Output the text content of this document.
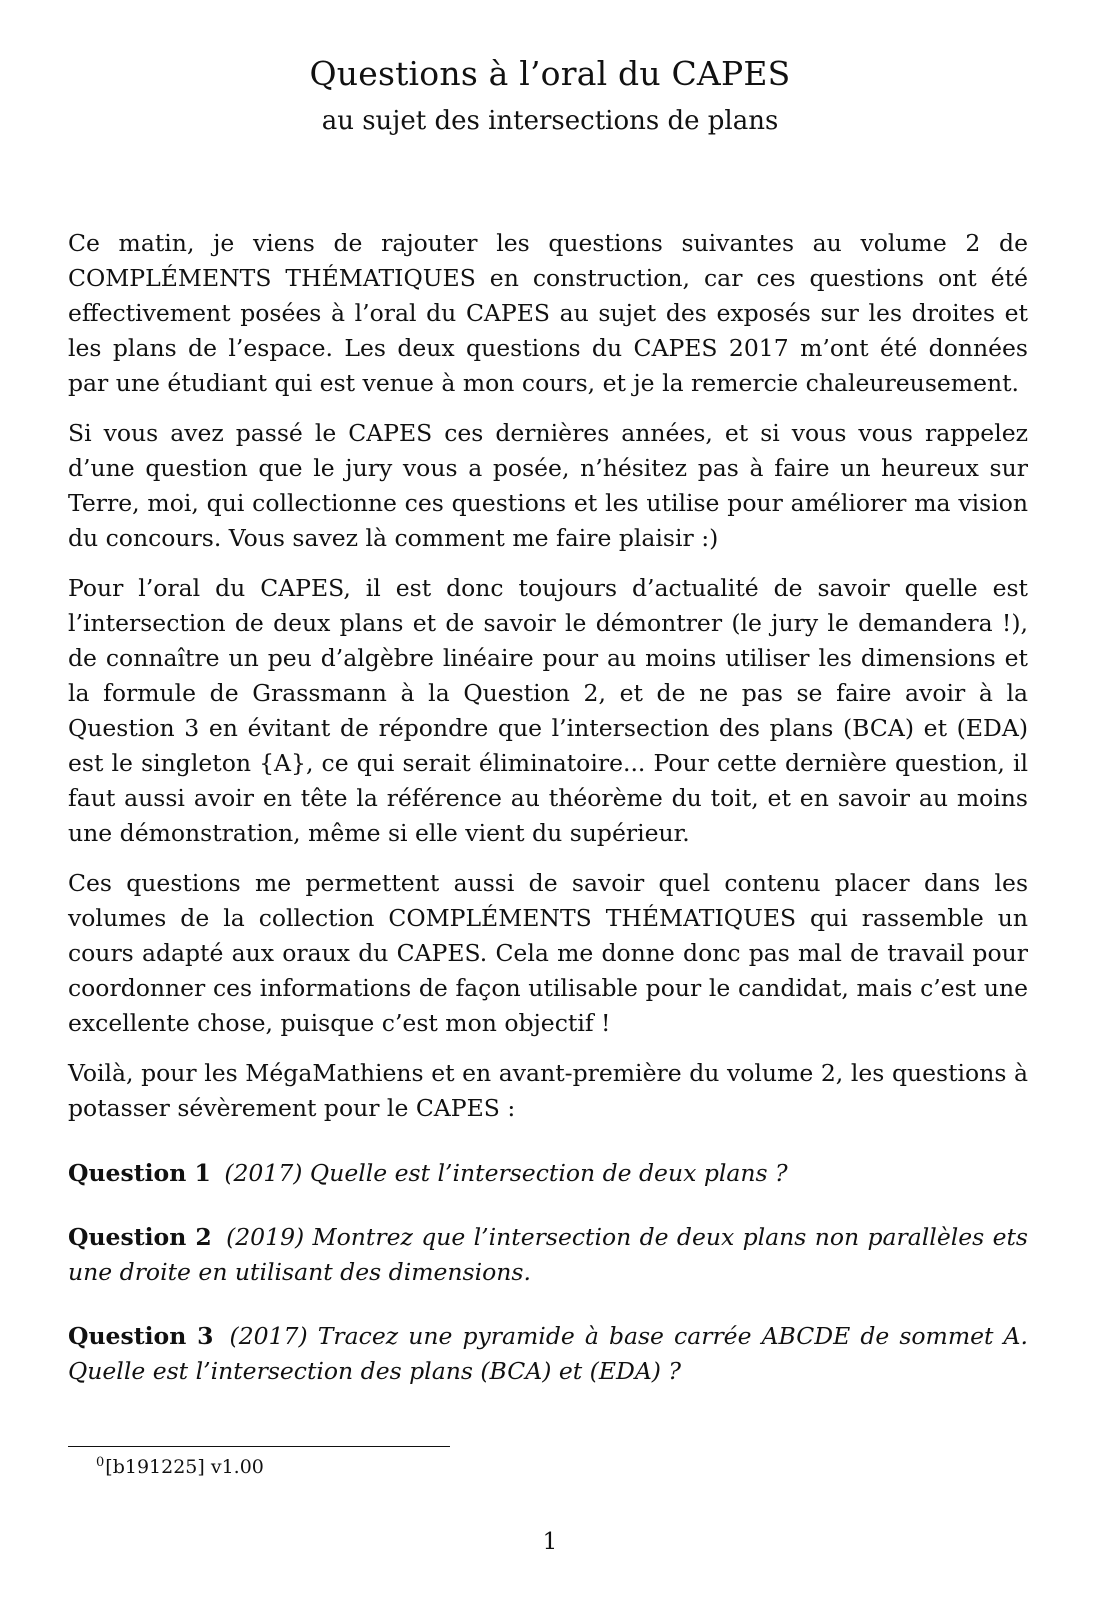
Questions à l’oral du CAPES
au sujet des intersections de plans

Ce matin, je viens de rajouter les questions suivantes au volume 2 de COMPLÉMENTS THÉMATIQUES en construction, car ces questions ont été effectivement posées à l’oral du CAPES au sujet des exposés sur les droites et les plans de l’espace. Les deux questions du CAPES 2017 m’ont été données par une étudiant qui est venue à mon cours, et je la remercie chaleureusement.

Si vous avez passé le CAPES ces dernières années, et si vous vous rappelez d’une question que le jury vous a posée, n’hésitez pas à faire un heureux sur Terre, moi, qui collectionne ces questions et les utilise pour améliorer ma vision du concours. Vous savez là comment me faire plaisir :)

Pour l’oral du CAPES, il est donc toujours d’actualité de savoir quelle est l’intersection de deux plans et de savoir le démontrer (le jury le demandera !), de connaître un peu d’algèbre linéaire pour au moins utiliser les dimensions et la formule de Grassmann à la Question 2, et de ne pas se faire avoir à la Question 3 en évitant de répondre que l’intersection des plans (BCA) et (EDA) est le singleton {A}, ce qui serait éliminatoire... Pour cette dernière question, il faut aussi avoir en tête la référence au théorème du toit, et en savoir au moins une démonstration, même si elle vient du supérieur.

Ces questions me permettent aussi de savoir quel contenu placer dans les volumes de la collection COMPLÉMENTS THÉMATIQUES qui rassemble un cours adapté aux oraux du CAPES. Cela me donne donc pas mal de travail pour coordonner ces informations de façon utilisable pour le candidat, mais c’est une excellente chose, puisque c’est mon objectif !

Voilà, pour les MégaMathiens et en avant-première du volume 2, les questions à potasser sévèrement pour le CAPES :

Question 1 (2017) Quelle est l’intersection de deux plans ?

Question 2 (2019) Montrez que l’intersection de deux plans non parallèles ets une droite en utilisant des dimensions.

Question 3 (2017) Tracez une pyramide à base carrée ABCDE de sommet A. Quelle est l’intersection des plans (BCA) et (EDA) ?

$^0$[b191225] v1.00
1
